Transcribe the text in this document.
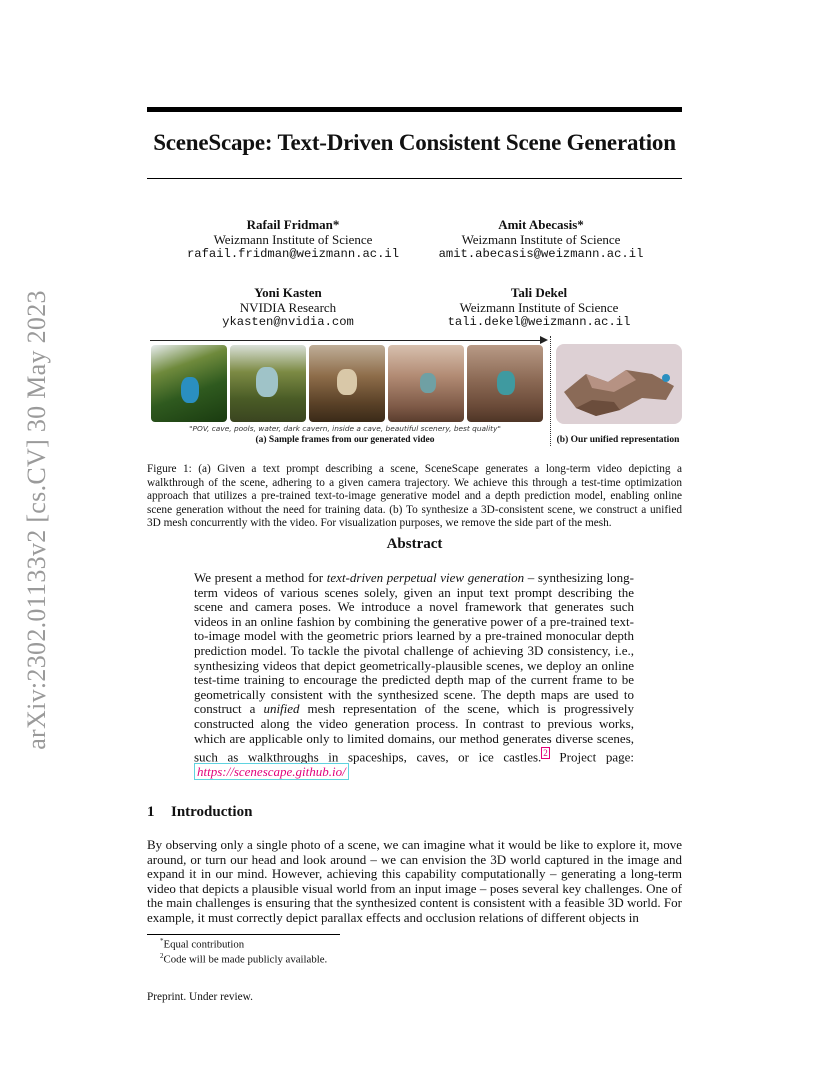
arXiv:2302.01133v2 [cs.CV] 30 May 2023
SceneScape: Text-Driven Consistent Scene Generation
Rafail Fridman*
Weizmann Institute of Science
rafail.fridman@weizmann.ac.il
Amit Abecasis*
Weizmann Institute of Science
amit.abecasis@weizmann.ac.il
Yoni Kasten
NVIDIA Research
ykasten@nvidia.com
Tali Dekel
Weizmann Institute of Science
tali.dekel@weizmann.ac.il
"POV, cave, pools, water, dark cavern, inside a cave, beautiful scenery, best quality"
(a) Sample frames from our generated video	(b) Our unified representation
Figure 1: (a) Given a text prompt describing a scene, SceneScape generates a long-term video depicting a walkthrough of the scene, adhering to a given camera trajectory. We achieve this through a test-time optimization approach that utilizes a pre-trained text-to-image generative model and a depth prediction model, enabling online scene generation without the need for training data. (b) To synthesize a 3D-consistent scene, we construct a unified 3D mesh concurrently with the video. For visualization purposes, we remove the side part of the mesh.
Abstract
We present a method for text-driven perpetual view generation – synthesizing long-term videos of various scenes solely, given an input text prompt describing the scene and camera poses. We introduce a novel framework that generates such videos in an online fashion by combining the generative power of a pre-trained text-to-image model with the geometric priors learned by a pre-trained monocular depth prediction model. To tackle the pivotal challenge of achieving 3D consistency, i.e., synthesizing videos that depict geometrically-plausible scenes, we deploy an online test-time training to encourage the predicted depth map of the current frame to be geometrically consistent with the synthesized scene. The depth maps are used to construct a unified mesh representation of the scene, which is progressively constructed along the video generation process. In contrast to previous works, which are applicable only to limited domains, our method generates diverse scenes, such as walkthroughs in spaceships, caves, or ice castles. $^2$ Project page: https://scenescape.github.io/
1 Introduction
By observing only a single photo of a scene, we can imagine what it would be like to explore it, move around, or turn our head and look around – we can envision the 3D world captured in the image and expand it in our mind. However, achieving this capability computationally – generating a long-term video that depicts a plausible visual world from an input image – poses several key challenges. One of the main challenges is ensuring that the synthesized content is consistent with a feasible 3D world. For example, it must correctly depict parallax effects and occlusion relations of different objects in
*Equal contribution
$^2$Code will be made publicly available.
Preprint. Under review.
